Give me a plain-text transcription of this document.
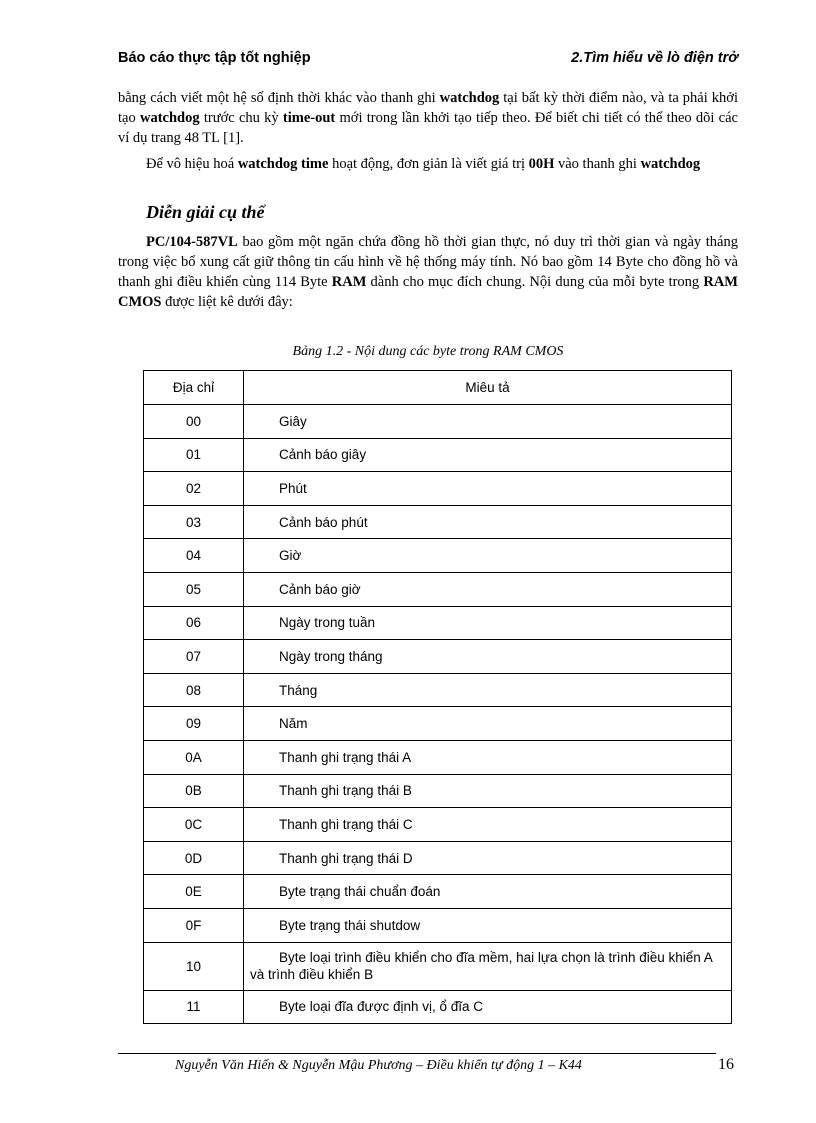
Báo cáo thực tập tốt nghiệp	2.Tìm hiểu về lò điện trở

bằng cách viết một hệ số định thời khác vào thanh ghi watchdog tại bất kỳ thời điểm nào, và ta phải khởi tạo watchdog trước chu kỳ time-out mới trong lần khởi tạo tiếp theo. Để biết chi tiết có thể theo dõi các ví dụ trang 48 TL [1].

Để vô hiệu hoá watchdog time hoạt động, đơn giản là viết giá trị 00H vào thanh ghi watchdog

Diễn giải cụ thể

PC/104-587VL bao gồm một ngăn chứa đồng hồ thời gian thực, nó duy trì thời gian và ngày tháng trong việc bổ xung cất giữ thông tin cấu hình về hệ thống máy tính. Nó bao gồm 14 Byte cho đồng hồ và thanh ghi điều khiển cùng 114 Byte RAM dành cho mục đích chung. Nội dung của mỗi byte trong RAM CMOS được liệt kê dưới đây:

Bảng 1.2 - Nội dung các byte trong RAM CMOS
Địa chỉ	Miêu tả
00	Giây
01	Cảnh báo giây
02	Phút
03	Cảnh báo phút
04	Giờ
05	Cảnh báo giờ
06	Ngày trong tuần
07	Ngày trong tháng
08	Tháng
09	Năm
0A	Thanh ghi trạng thái A
0B	Thanh ghi trạng thái B
0C	Thanh ghi trạng thái C
0D	Thanh ghi trạng thái D
0E	Byte trạng thái chuẩn đoán
0F	Byte trạng thái shutdow
10	Byte loại trình điều khiển cho đĩa mềm, hai lựa chọn là trình điều khiển A và trình điều khiển B

11	Byte loại đĩa được định vị, ổ đĩa C
Nguyễn Văn Hiến & Nguyễn Mậu Phương – Điều khiển tự động 1 – K44	16
